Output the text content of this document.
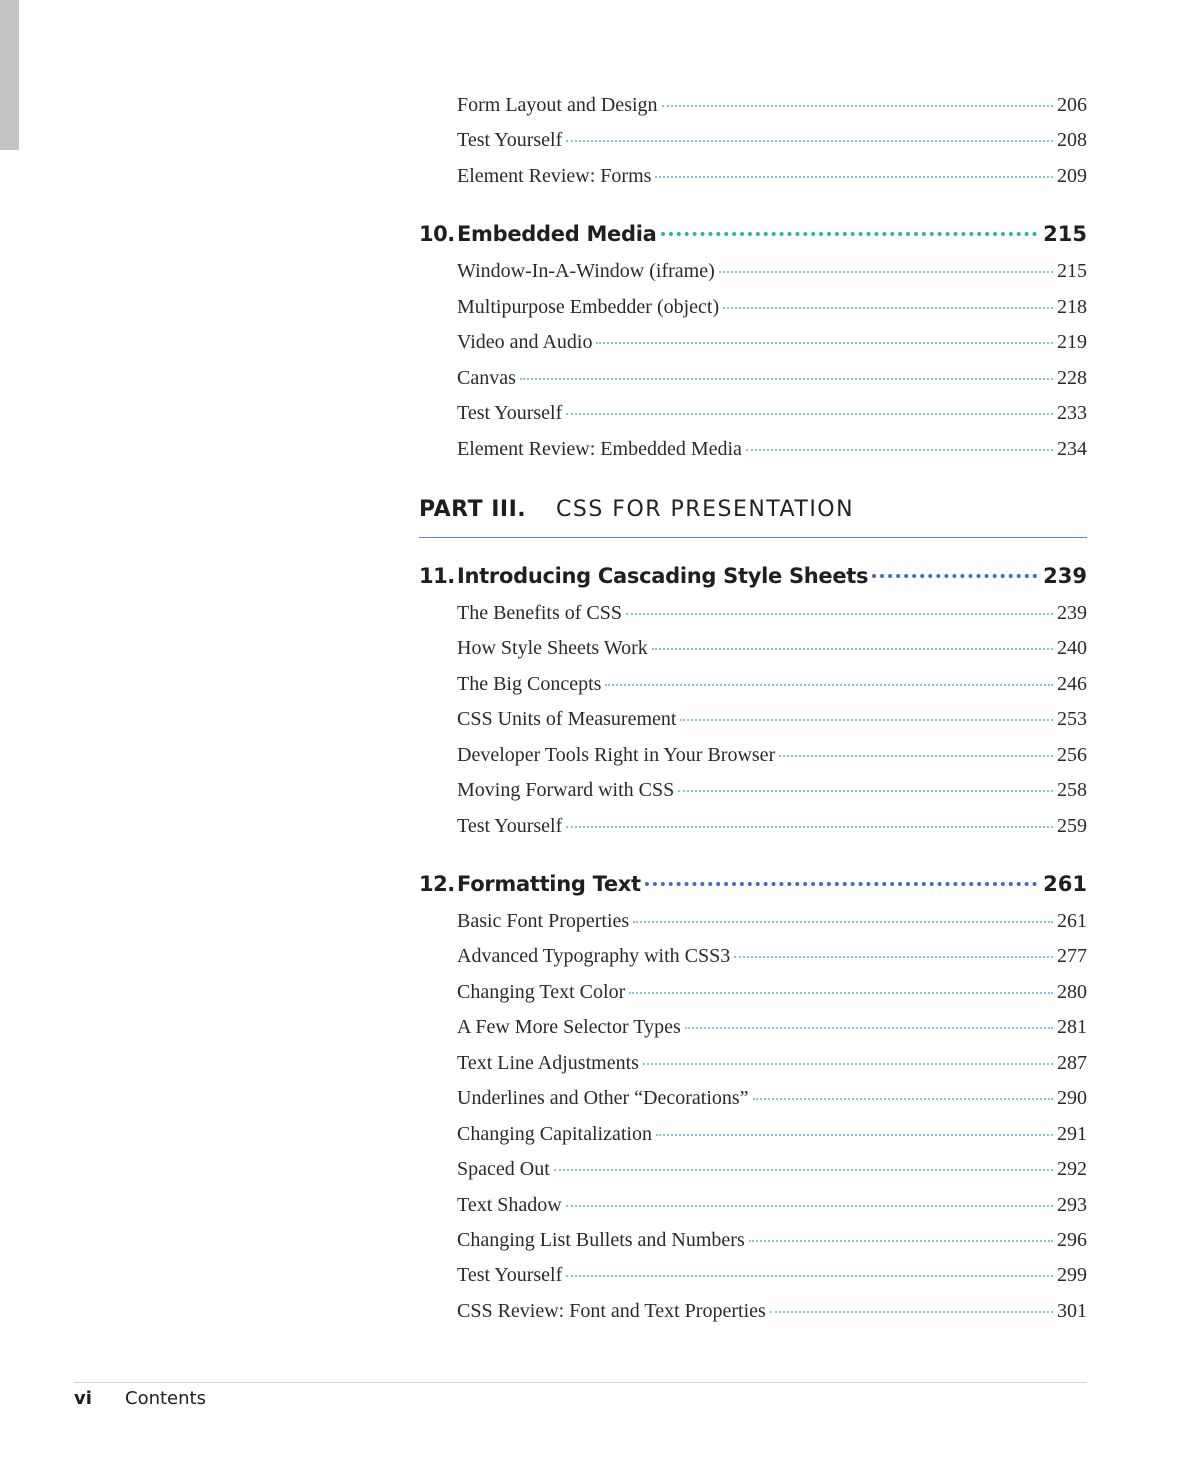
Form Layout and Design	206
Test Yourself	208
Element Review: Forms	209
10. Embedded Media	215
Window-In-A-Window (iframe)	215
Multipurpose Embedder (object)	218
Video and Audio	219
Canvas	228
Test Yourself	233
Element Review: Embedded Media	234
PART III.	CSS FOR PRESENTATION
11. Introducing Cascading Style Sheets	239
The Benefits of CSS	239
How Style Sheets Work	240
The Big Concepts	246
CSS Units of Measurement	253
Developer Tools Right in Your Browser	256
Moving Forward with CSS	258
Test Yourself	259
12. Formatting Text	261
Basic Font Properties	261
Advanced Typography with CSS3	277
Changing Text Color	280
A Few More Selector Types	281
Text Line Adjustments	287
Underlines and Other “Decorations”	290
Changing Capitalization	291
Spaced Out	292
Text Shadow	293
Changing List Bullets and Numbers	296
Test Yourself	299
CSS Review: Font and Text Properties	301
vi	Contents
